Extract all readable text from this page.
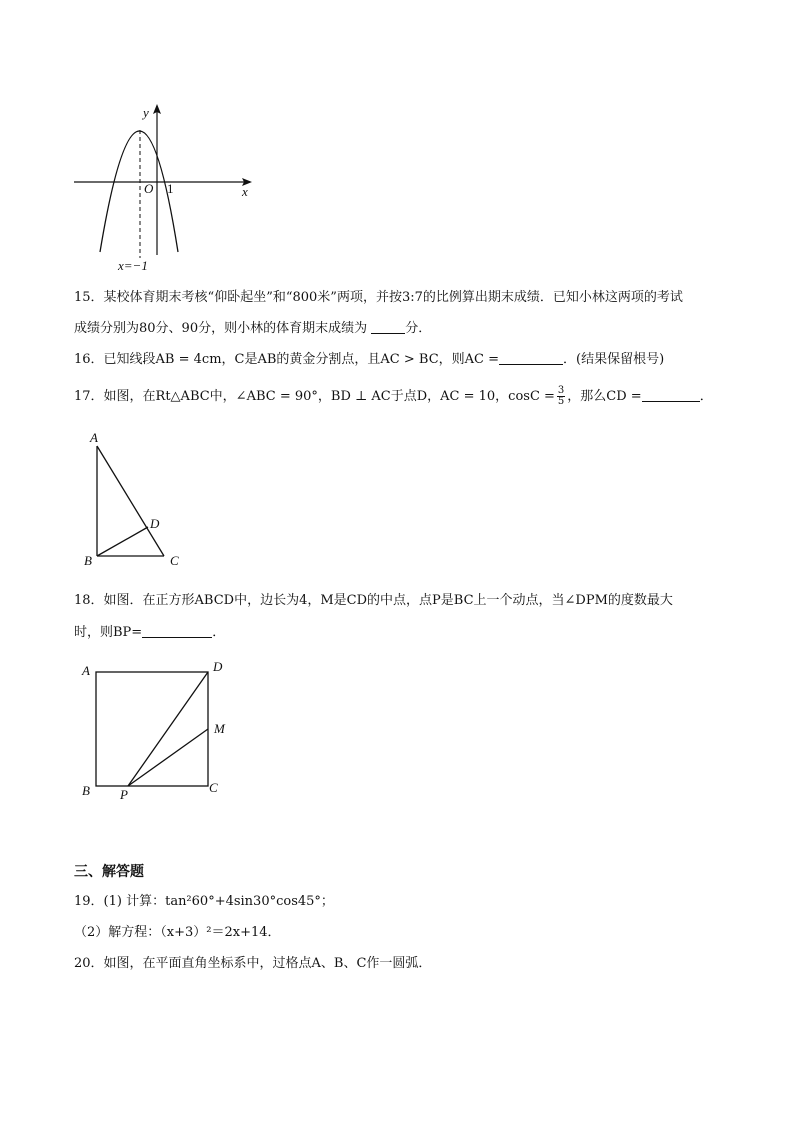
y
x
O 1
x=−1
15．某校体育期末考核“仰卧起坐”和“800米”两项，并按3:7的比例算出期末成绩．已知小林这两项的考试
成绩分别为80分、90分，则小林的体育期末成绩为	分．
16．已知线段AB = 4cm，C是AB的黄金分割点，且AC > BC，则AC =	．(结果保留根号)
17．如图，在Rt△ABC中，∠ABC = 90°，BD ⊥ AC于点D，AC = 10，$\cos C = \frac{3}{5}$ ，那么CD =	．
A
B	C
D
18．如图．在正方形ABCD中，边长为4，M是CD的中点，点P是BC上一个动点，当∠DPM的度数最大
时，则BP=	．
A
B	C
D
M
P
三、解答题
19．(1) 计算：tan²60°+4sin30°cos45°；
（2）解方程：（x+3）²＝2x+14．
20．如图，在平面直角坐标系中，过格点A、B、C作一圆弧．
